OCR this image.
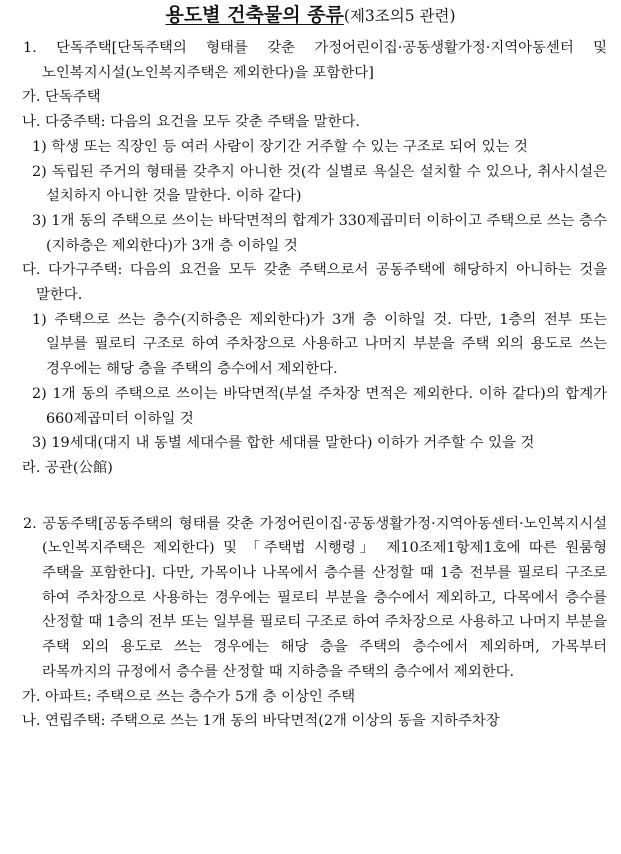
용도별 건축물의 종류(제3조의5 관련)
1. 단독주택[단독주택의 형태를 갖춘 가정어린이집·공동생활가정·지역아동센터 및 노인복지시설(노인복지주택은 제외한다)을 포함한다]
가. 단독주택
나. 다중주택: 다음의 요건을 모두 갖춘 주택을 말한다.
1) 학생 또는 직장인 등 여러 사람이 장기간 거주할 수 있는 구조로 되어 있는 것
2) 독립된 주거의 형태를 갖추지 아니한 것(각 실별로 욕실은 설치할 수 있으나, 취사시설은 설치하지 아니한 것을 말한다. 이하 같다)
3) 1개 동의 주택으로 쓰이는 바닥면적의 합계가 330제곱미터 이하이고 주택으로 쓰는 층수(지하층은 제외한다)가 3개 층 이하일 것
다. 다가구주택: 다음의 요건을 모두 갖춘 주택으로서 공동주택에 해당하지 아니하는 것을 말한다.
1) 주택으로 쓰는 층수(지하층은 제외한다)가 3개 층 이하일 것. 다만, 1층의 전부 또는 일부를 필로티 구조로 하여 주차장으로 사용하고 나머지 부분을 주택 외의 용도로 쓰는 경우에는 해당 층을 주택의 층수에서 제외한다.
2) 1개 동의 주택으로 쓰이는 바닥면적(부설 주차장 면적은 제외한다. 이하 같다)의 합계가 660제곱미터 이하일 것
3) 19세대(대지 내 동별 세대수를 합한 세대를 말한다) 이하가 거주할 수 있을 것
라. 공관(公館)
2. 공동주택[공동주택의 형태를 갖춘 가정어린이집·공동생활가정·지역아동센터·노인복지시설(노인복지주택은 제외한다) 및 「주택법 시행령」 제10조제1항제1호에 따른 원룸형 주택을 포함한다]. 다만, 가목이나 나목에서 층수를 산정할 때 1층 전부를 필로티 구조로 하여 주차장으로 사용하는 경우에는 필로티 부분을 층수에서 제외하고, 다목에서 층수를 산정할 때 1층의 전부 또는 일부를 필로티 구조로 하여 주차장으로 사용하고 나머지 부분을 주택 외의 용도로 쓰는 경우에는 해당 층을 주택의 층수에서 제외하며, 가목부터 라목까지의 규정에서 층수를 산정할 때 지하층을 주택의 층수에서 제외한다.
가. 아파트: 주택으로 쓰는 층수가 5개 층 이상인 주택
나. 연립주택: 주택으로 쓰는 1개 동의 바닥면적(2개 이상의 동을 지하주차장
